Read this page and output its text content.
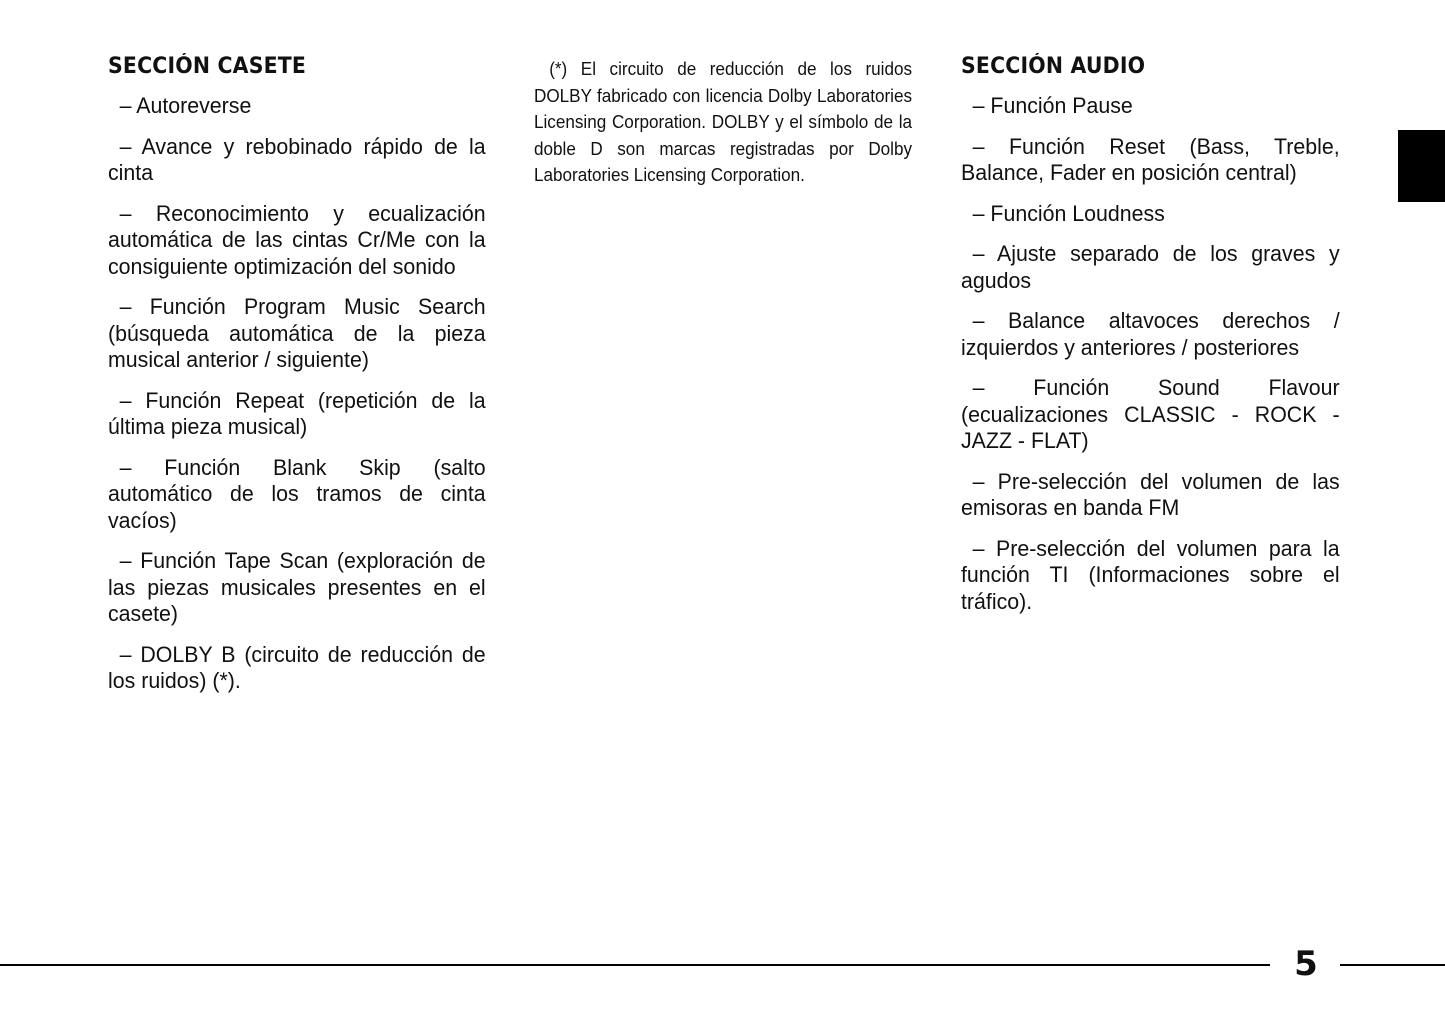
SECCIÓN CASETE

– Autoreverse

– Avance y rebobinado rápido de la cinta

– Reconocimiento y ecualización automática de las cintas Cr/Me con la consiguiente optimización del sonido

– Función Program Music Search (búsqueda automática de la pieza musical anterior / siguiente)

– Función Repeat (repetición de la última pieza musical)

– Función Blank Skip (salto automático de los tramos de cinta vacíos)

– Función Tape Scan (exploración de las piezas musicales presentes en el casete)

– DOLBY B (circuito de reducción de los ruidos) (*).

(*) El circuito de reducción de los ruidos DOLBY fabricado con licencia Dolby Laboratories Licensing Corporation. DOLBY y el símbolo de la doble D son marcas registradas por Dolby Laboratories Licensing Corporation.

SECCIÓN AUDIO

– Función Pause

– Función Reset (Bass, Treble, Balance, Fader en posición central)

– Función Loudness

– Ajuste separado de los graves y agudos

– Balance altavoces derechos / izquierdos y anteriores / posteriores

– Función Sound Flavour (ecualizaciones CLASSIC - ROCK - JAZZ - FLAT)

– Pre-selección del volumen de las emisoras en banda FM

– Pre-selección del volumen para la función TI (Informaciones sobre el tráfico).

5
